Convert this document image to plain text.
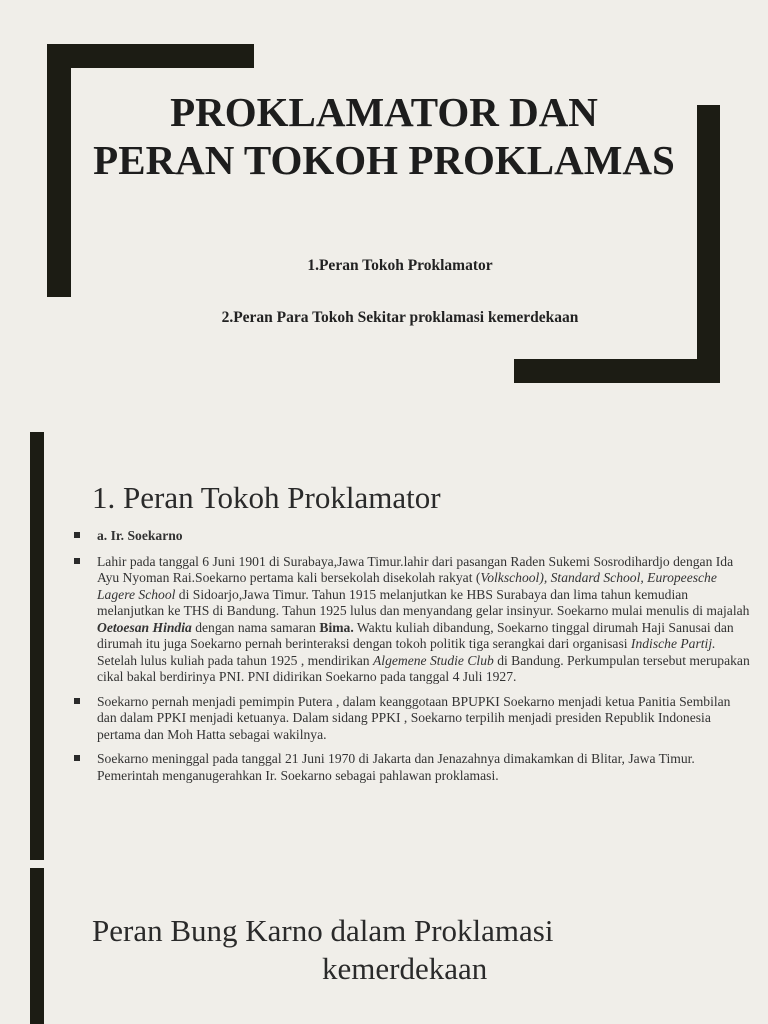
PROKLAMATOR DAN
PERAN TOKOH PROKLAMAS
1.Peran Tokoh Proklamator
2.Peran Para Tokoh Sekitar proklamasi kemerdekaan
1. Peran Tokoh Proklamator
a. Ir. Soekarno
Lahir pada tanggal 6 Juni 1901 di Surabaya,Jawa Timur.lahir dari pasangan Raden Sukemi Sosrodihardjo dengan Ida Ayu Nyoman Rai.Soekarno pertama kali bersekolah disekolah rakyat (Volkschool), Standard School, Europeesche Lagere School di Sidoarjo,Jawa Timur. Tahun 1915 melanjutkan ke HBS Surabaya dan lima tahun kemudian melanjutkan ke THS di Bandung. Tahun 1925 lulus dan menyandang gelar insinyur. Soekarno mulai menulis di majalah Oetoesan Hindia dengan nama samaran Bima. Waktu kuliah dibandung, Soekarno tinggal dirumah Haji Sanusai dan dirumah itu juga Soekarno pernah berinteraksi dengan tokoh politik tiga serangkai dari organisasi Indische Partij. Setelah lulus kuliah pada tahun 1925 , mendirikan Algemene Studie Club di Bandung. Perkumpulan tersebut merupakan cikal bakal berdirinya PNI. PNI didirikan Soekarno pada tanggal 4 Juli 1927.
Soekarno pernah menjadi pemimpin Putera , dalam keanggotaan BPUPKI Soekarno menjadi ketua Panitia Sembilan dan dalam PPKI menjadi ketuanya. Dalam sidang PPKI , Soekarno terpilih menjadi presiden Republik Indonesia pertama dan Moh Hatta sebagai wakilnya.
Soekarno meninggal pada tanggal 21 Juni 1970 di Jakarta dan Jenazahnya dimakamkan di Blitar, Jawa Timur. Pemerintah menganugerahkan Ir. Soekarno sebagai pahlawan proklamasi.
Peran Bung Karno dalam Proklamasi
kemerdekaan
